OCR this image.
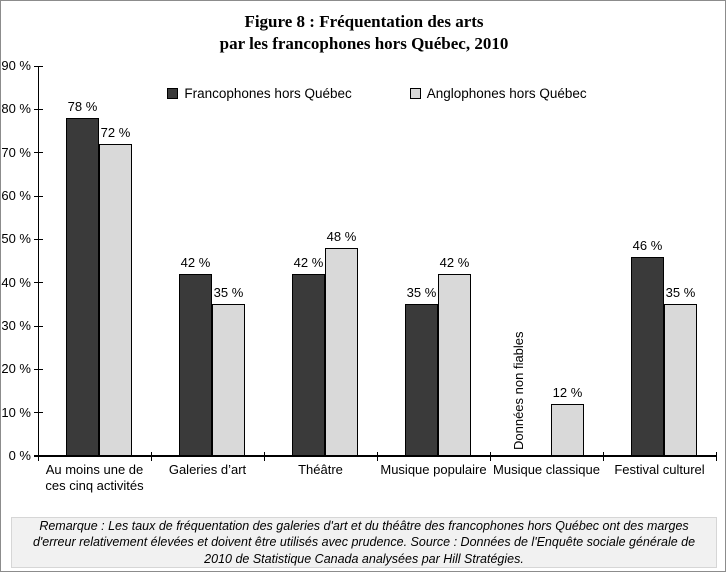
Figure 8 : Fréquentation des arts
par les francophones hors Québec, 2010
Francophones hors Québec	Anglophones hors Québec
0 %
10 %
20 %
30 %
40 %
50 %
60 %
70 %
80 %
90 %
78 %
42 %	42 %
35 %
46 %
72 %
35 %
48 %
42 %
12 %
35 %
Données non fiables
Au moins une de ces cinq activités
Galeries d’art	Théâtre	Musique populaire Musique classique	Festival culturel
Remarque : Les taux de fréquentation des galeries d'art et du théâtre des francophones hors Québec ont des marges d'erreur relativement élevées et doivent être utilisés avec prudence. Source : Données de l'Enquête sociale générale de 2010 de Statistique Canada analysées par Hill Stratégies.
